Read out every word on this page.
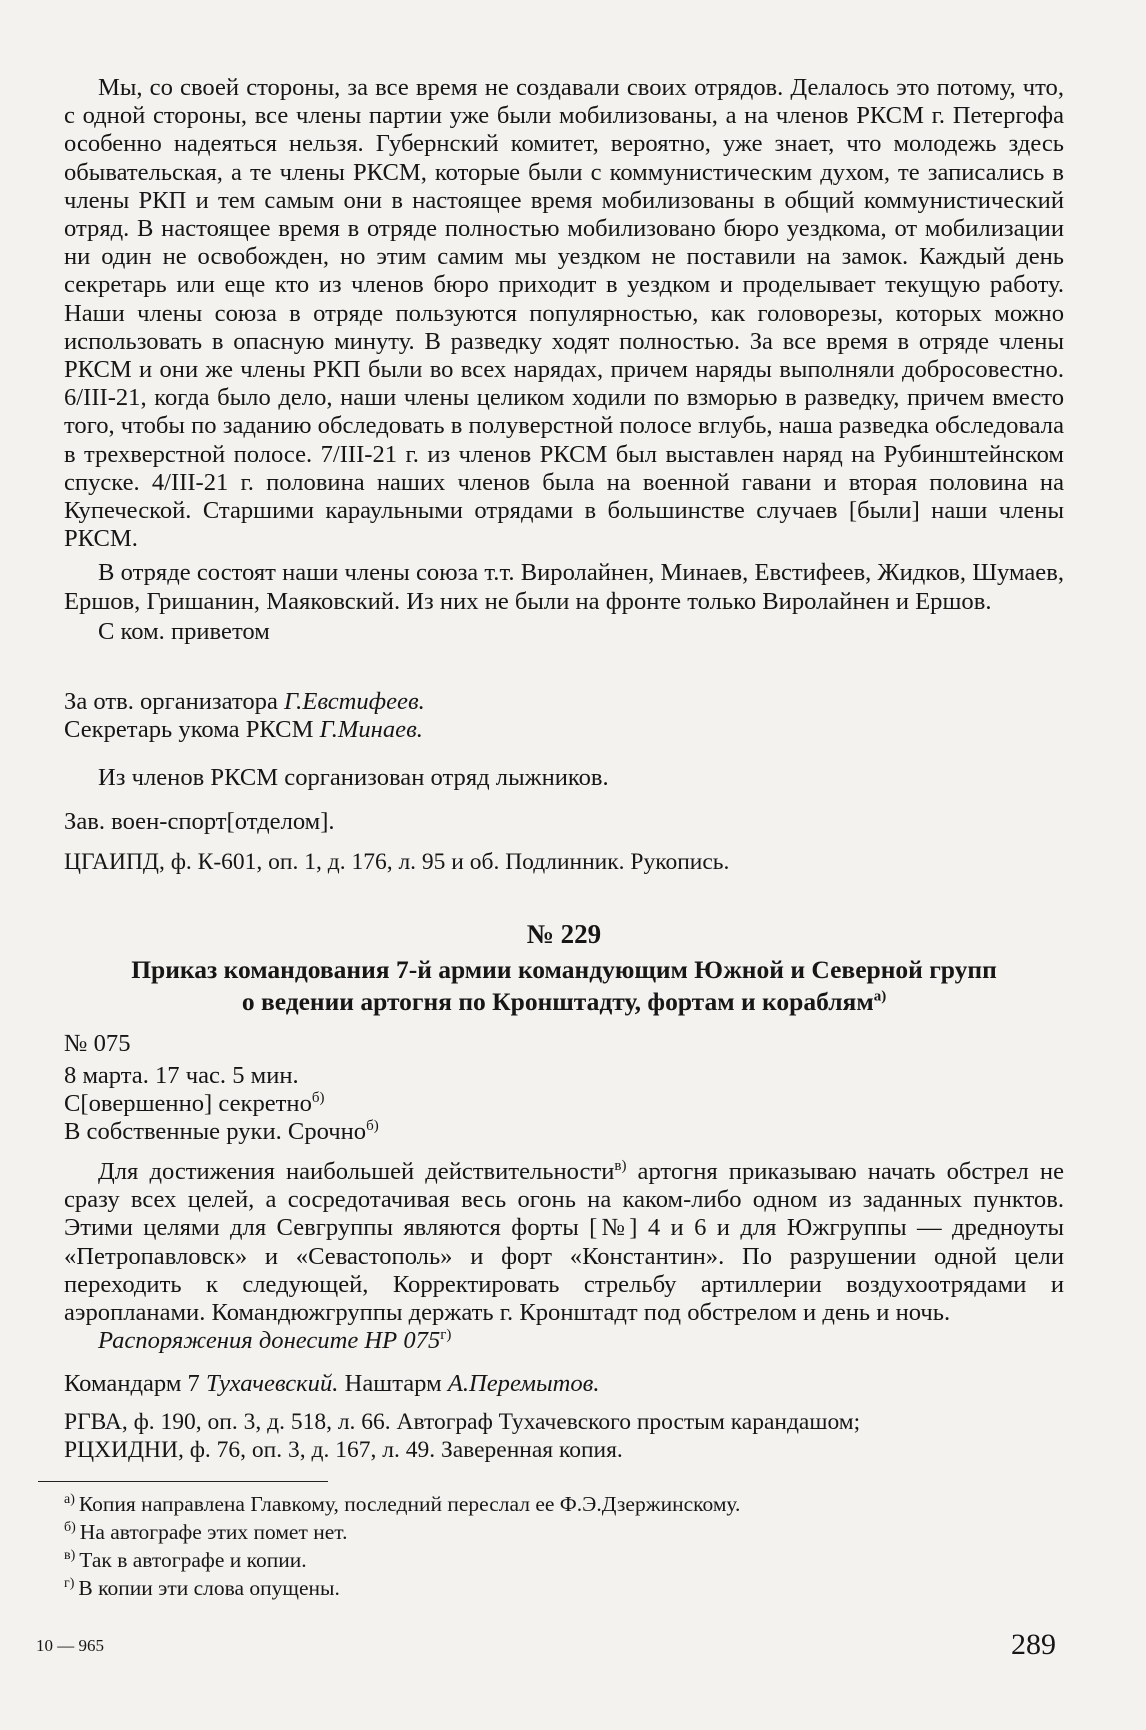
Мы, со своей стороны, за все время не создавали своих отрядов. Делалось это потому, что, с одной стороны, все члены партии уже были мобилизованы, а на членов РКСМ г. Петергофа особенно надеяться нельзя. Губернский комитет, вероятно, уже знает, что молодежь здесь обывательская, а те члены РКСМ, которые были с коммунистическим духом, те записались в члены РКП и тем самым они в настоящее время мобилизованы в общий коммунистический отряд. В настоящее время в отряде полностью мобилизовано бюро уездкома, от мобилизации ни один не освобожден, но этим самим мы уездком не поставили на замок. Каждый день секретарь или еще кто из членов бюро приходит в уездком и проделывает текущую работу. Наши члены союза в отряде пользуются популярностью, как головорезы, которых можно использовать в опасную минуту. В разведку ходят полностью. За все время в отряде члены РКСМ и они же члены РКП были во всех нарядах, причем наряды выполняли добросовестно. 6/III-21, когда было дело, наши члены целиком ходили по взморью в разведку, причем вместо того, чтобы по заданию обследовать в полуверстной полосе вглубь, наша разведка обследовала в трехверстной полосе. 7/III-21 г. из членов РКСМ был выставлен наряд на Рубинштейнском спуске. 4/III-21 г. половина наших членов была на военной гавани и вторая половина на Купеческой. Старшими караульными отрядами в большинстве случаев [были] наши члены РКСМ.

В отряде состоят наши члены союза т.т. Виролайнен, Минаев, Евстифеев, Жидков, Шумаев, Ершов, Гришанин, Маяковский. Из них не были на фронте только Виролайнен и Ершов.

С ком. приветом

За отв. организатора Г.Евстифеев.

Секретарь укома РКСМ Г.Минаев.

Из членов РКСМ сорганизован отряд лыжников.

Зав. воен-спорт[отделом].

ЦГАИПД, ф. К-601, оп. 1, д. 176, л. 95 и об. Подлинник. Рукопись.

№ 229

Приказ командования 7-й армии командующим Южной и Северной групп

о ведении артогня по Кронштадту, фортам и кораблям$^{а)}$

№ 075

8 марта. 17 час. 5 мин.

С[овершенно] секретно$^{б)}$

В собственные руки. Срочно$^{б)}$

Для достижения наибольшей действительности$^{в)}$ артогня приказываю начать обстрел не сразу всех целей, а сосредотачивая весь огонь на каком-либо одном из заданных пунктов. Этими целями для Севгруппы являются форты [№] 4 и 6 и для Южгруппы — дредноуты «Петропавловск» и «Севастополь» и форт «Константин». По разрушении одной цели переходить к следующей, Корректировать стрельбу артиллерии воздухоотрядами и аэропланами. Командюжгруппы держать г. Кронштадт под обстрелом и день и ночь.

Распоряжения донесите НР $075^{г)}$

Командарм 7 Тухачевский. Наштарм А.Перемытов.

РГВА, ф. 190, оп. 3, д. 518, л. 66. Автограф Тухачевского простым карандашом;

РЦХИДНИ, ф. 76, оп. 3, д. 167, л. 49. Заверенная копия.

$^{а)}$ Копия направлена Главкому, последний переслал ее Ф.Э.Дзержинскому.

$^{б)}$ На автографе этих помет нет.

$^{в)}$ Так в автографе и копии.

$^{г)}$ В копии эти слова опущены.

10 — 965	289
